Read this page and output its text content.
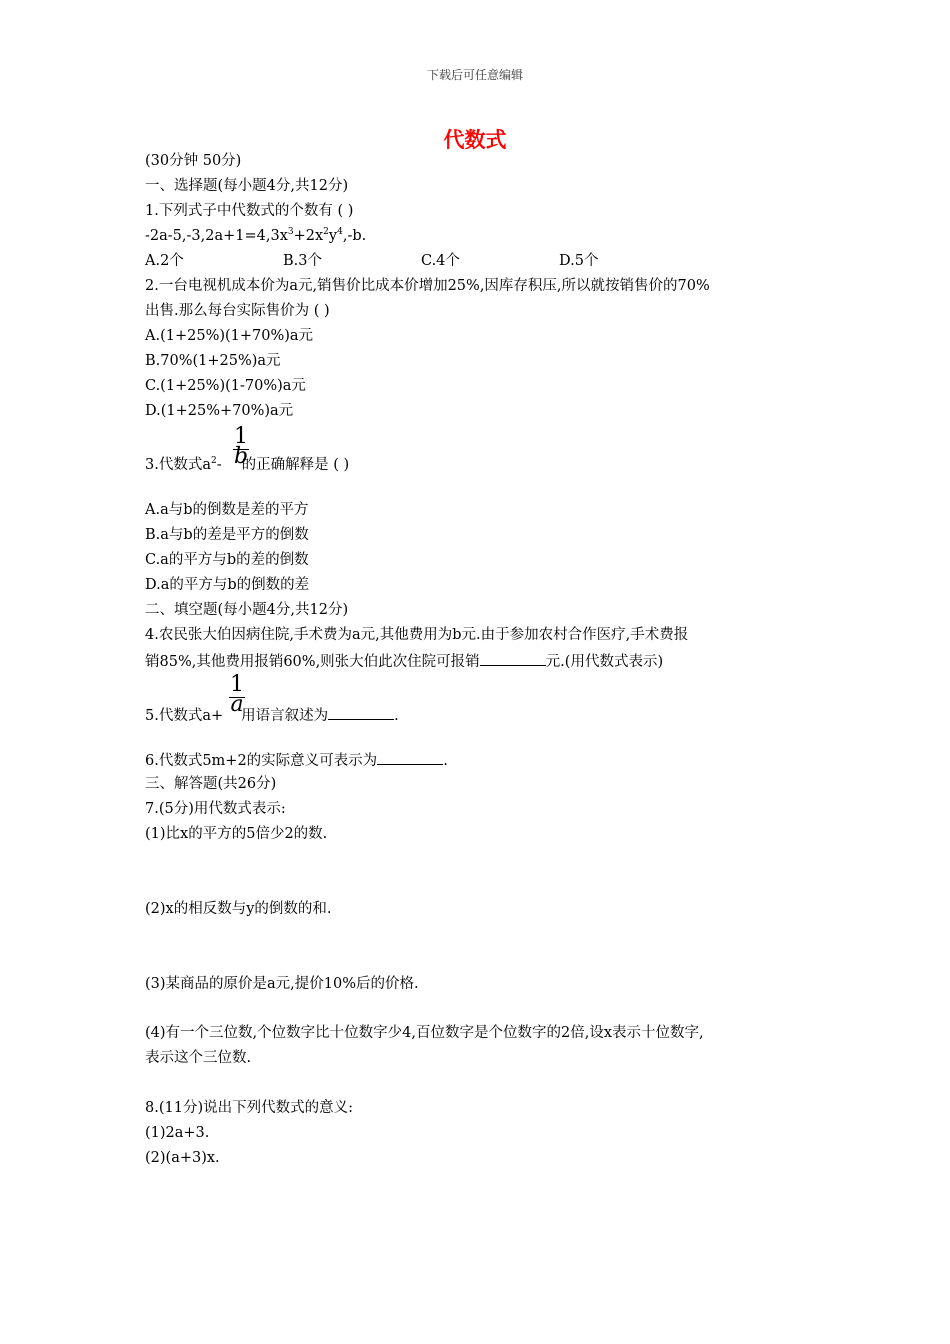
下载后可任意编辑
代数式
(30分钟 50分)
一、选择题(每小题4分,共12分)
1.下列式子中代数式的个数有 ( )
$-2a-5,-3,2a+1=4,3x^3+2x^2y^4,-b$.
A.2个	B.3个	C.4个	D.5个
2.一台电视机成本价为a元,销售价比成本价增加25%,因库存积压,所以就按销售价的70%
出售.那么每台实际售价为 ( )
A.(1+25%)(1+70%)a元
B.70%(1+25%)a元
C.(1+25%)(1-70%)a元
D.(1+25%+70%)a元
3.代数式$a^2-$ 的正确解释是 ( )
1
b
A.a与b的倒数是差的平方
B.a与b的差是平方的倒数
C.a的平方与b的差的倒数
D.a的平方与b的倒数的差
二、填空题(每小题4分,共12分)
4.农民张大伯因病住院,手术费为a元,其他费用为b元.由于参加农村合作医疗,手术费报
销85%,其他费用报销60%,则张大伯此次住院可报销	元.(用代数式表示)
5.代数式a+ 用语言叙述为	.
1
a
6.代数式5m+2的实际意义可表示为	.
三、解答题(共26分)
7.(5分)用代数式表示:
(1)比x的平方的5倍少2的数.
(2)x的相反数与y的倒数的和.
(3)某商品的原价是a元,提价10%后的价格.
(4)有一个三位数,个位数字比十位数字少4,百位数字是个位数字的2倍,设x表示十位数字,
表示这个三位数.
8.(11分)说出下列代数式的意义:
(1)2a+3.
(2)(a+3)x.
